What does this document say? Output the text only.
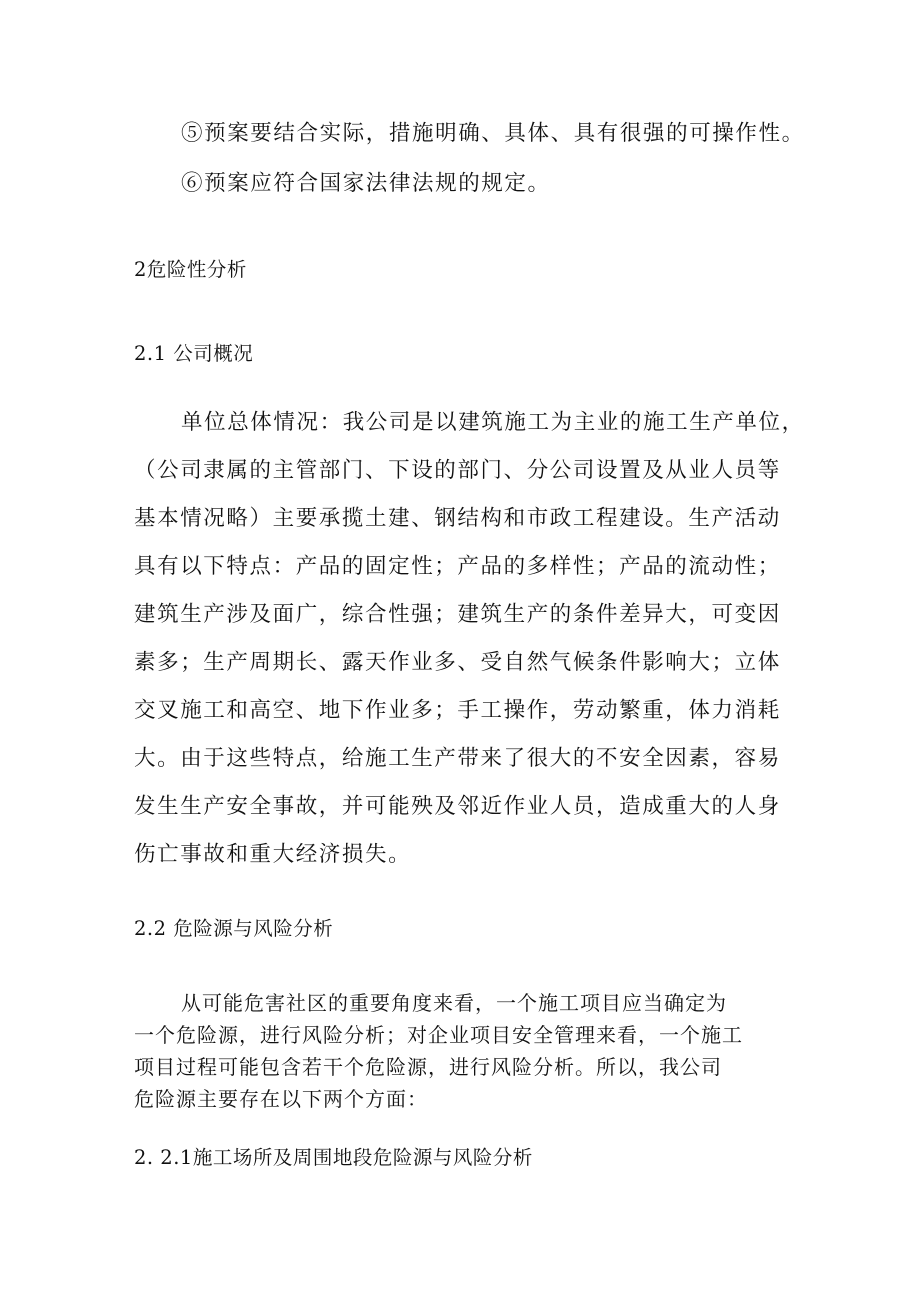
⑤预案要结合实际，措施明确、具体、具有很强的可操作性。
⑥预案应符合国家法律法规的规定。
2危险性分析
2.1 公司概况
单位总体情况：我公司是以建筑施工为主业的施工生产单位，
（公司隶属的主管部门、下设的部门、分公司设置及从业人员等
基本情况略）主要承揽土建、钢结构和市政工程建设。生产活动
具有以下特点：产品的固定性；产品的多样性；产品的流动性；
建筑生产涉及面广，综合性强；建筑生产的条件差异大，可变因
素多；生产周期长、露天作业多、受自然气候条件影响大；立体
交叉施工和高空、地下作业多；手工操作，劳动繁重，体力消耗
大。由于这些特点，给施工生产带来了很大的不安全因素，容易
发生生产安全事故，并可能殃及邻近作业人员，造成重大的人身
伤亡事故和重大经济损失。
2.2 危险源与风险分析
从可能危害社区的重要角度来看，一个施工项目应当确定为
一个危险源，进行风险分析；对企业项目安全管理来看，一个施工
项目过程可能包含若干个危险源，进行风险分析。所以，我公司
危险源主要存在以下两个方面：
2. 2.1施工场所及周围地段危险源与风险分析
